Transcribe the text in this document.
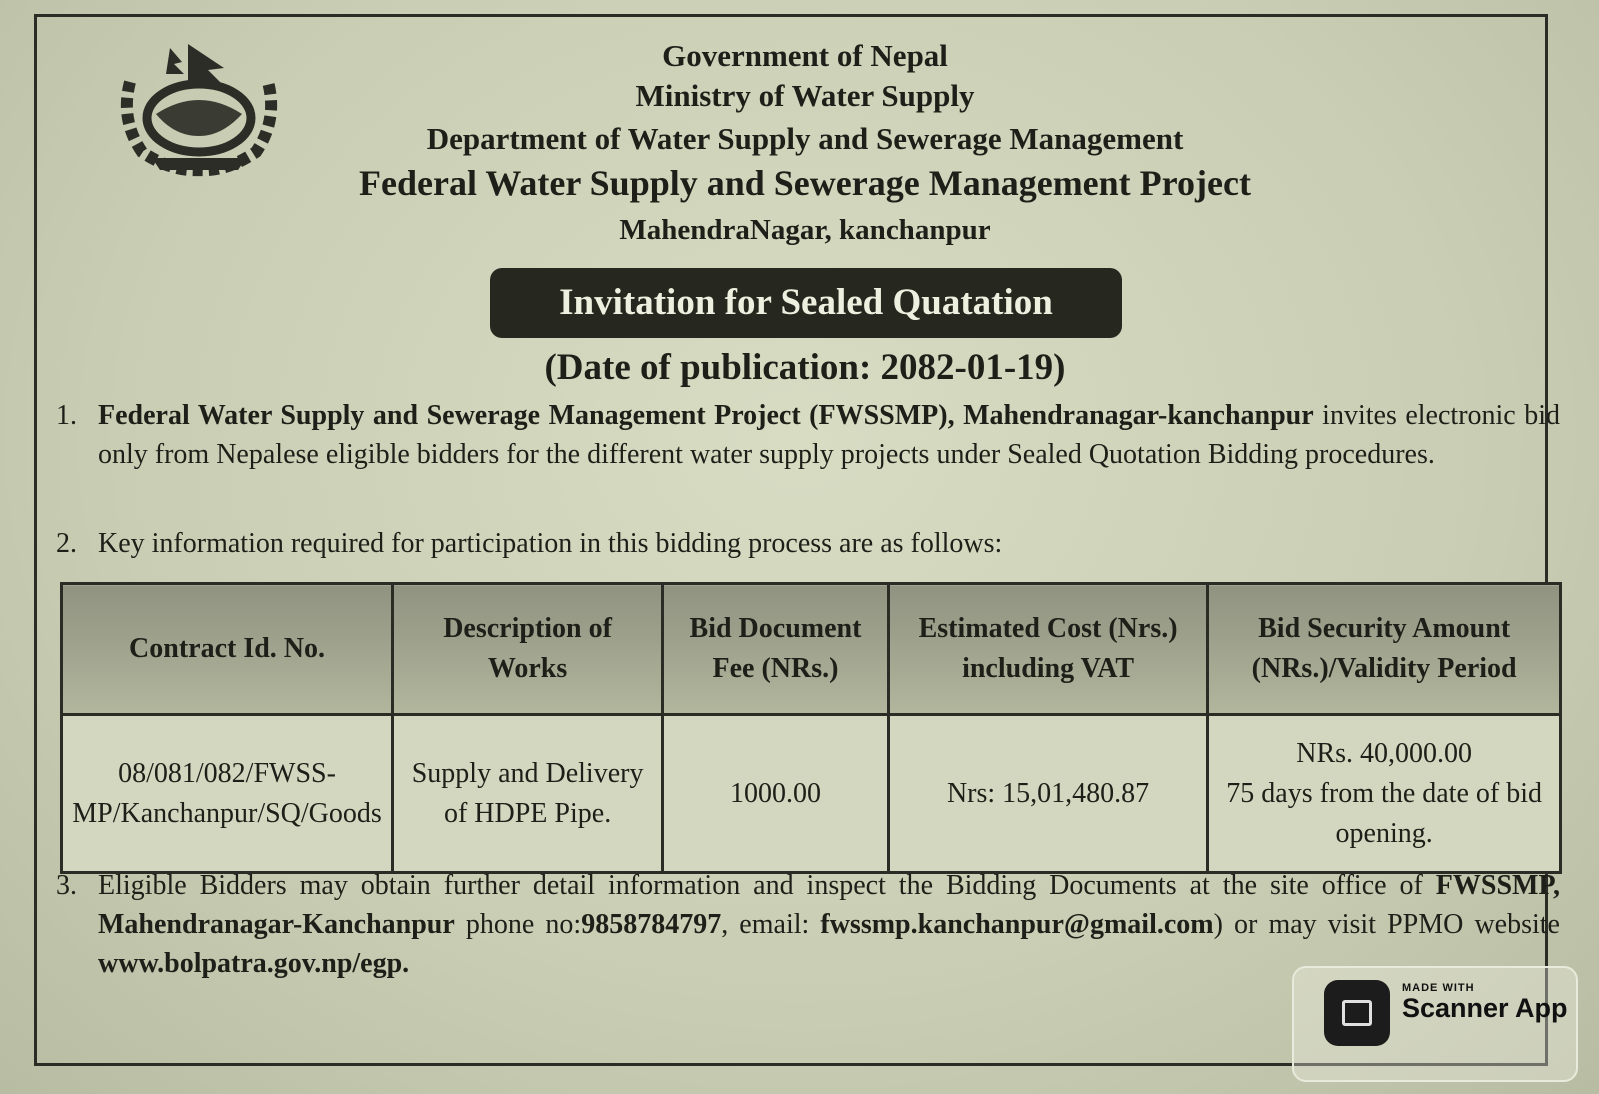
Government of Nepal
Ministry of Water Supply
Department of Water Supply and Sewerage Management
Federal Water Supply and Sewerage Management Project
MahendraNagar, kanchanpur
Invitation for Sealed Quatation
(Date of publication: 2082-01-19)
1. Federal Water Supply and Sewerage Management Project (FWSSMP), Mahendranagar-kanchanpur invites electronic bid only from Nepalese eligible bidders for the different water supply projects under Sealed Quotation Bidding procedures.
2. Key information required for participation in this bidding process are as follows:
Contract Id. No.	Description of Works	Bid Document Fee (NRs.)	Estimated Cost (Nrs.) including VAT	Bid Security Amount (NRs.)/Validity Period
08/081/082/FWSS-MP/Kanchanpur/SQ/Goods	Supply and Delivery of HDPE Pipe.	1000.00	Nrs: 15,01,480.87	NRs. 40,000.00
75 days from the date of bid opening.
3. Eligible Bidders may obtain further detail information and inspect the Bidding Documents at the site office of FWSSMP, Mahendranagar-Kanchanpur phone no:9858784797, email: fwssmp.kanchanpur@gmail.com) or may visit PPMO website www.bolpatra.gov.np/egp.
MADE WITH
Scanner App
